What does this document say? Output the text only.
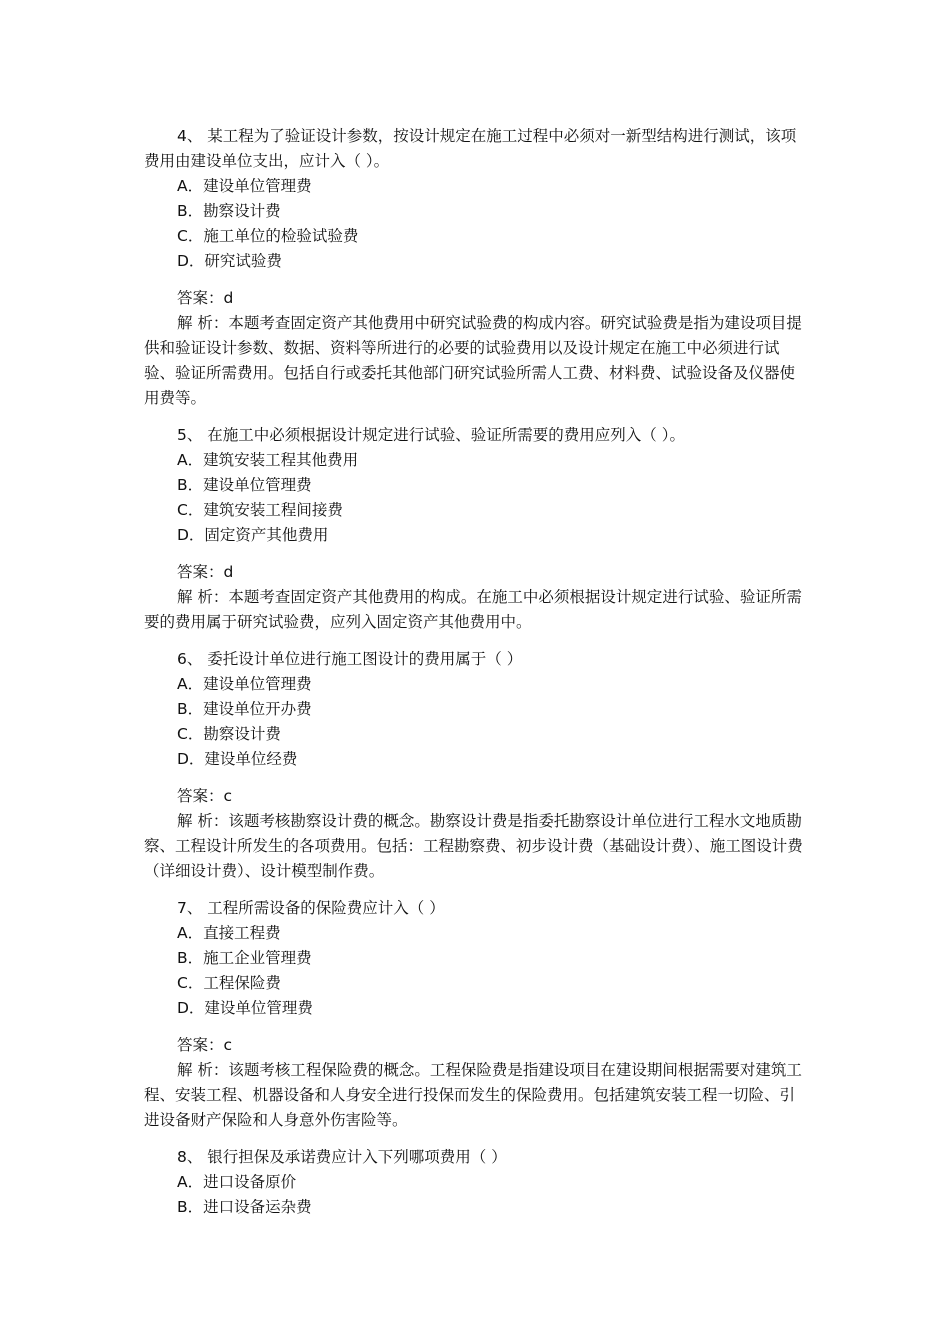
4、 某工程为了验证设计参数，按设计规定在施工过程中必须对一新型结构进行测试，该项费用由建设单位支出，应计入（ ）。

A．建设单位管理费

B．勘察设计费

C．施工单位的检验试验费

D．研究试验费

答案：d

解 析：本题考查固定资产其他费用中研究试验费的构成内容。研究试验费是指为建设项目提供和验证设计参数、数据、资料等所进行的必要的试验费用以及设计规定在施工中必须进行试验、验证所需费用。包括自行或委托其他部门研究试验所需人工费、材料费、试验设备及仪器使用费等。

5、 在施工中必须根据设计规定进行试验、验证所需要的费用应列入（ ）。

A．建筑安装工程其他费用

B．建设单位管理费

C．建筑安装工程间接费

D．固定资产其他费用

答案：d

解 析：本题考查固定资产其他费用的构成。在施工中必须根据设计规定进行试验、验证所需要的费用属于研究试验费，应列入固定资产其他费用中。

6、 委托设计单位进行施工图设计的费用属于（ ）

A．建设单位管理费

B．建设单位开办费

C．勘察设计费

D．建设单位经费

答案：c

解 析：该题考核勘察设计费的概念。勘察设计费是指委托勘察设计单位进行工程水文地质勘察、工程设计所发生的各项费用。包括：工程勘察费、初步设计费（基础设计费）、施工图设计费（详细设计费）、设计模型制作费。

7、 工程所需设备的保险费应计入（ ）

A．直接工程费

B．施工企业管理费

C．工程保险费

D．建设单位管理费

答案：c

解 析：该题考核工程保险费的概念。工程保险费是指建设项目在建设期间根据需要对建筑工程、安装工程、机器设备和人身安全进行投保而发生的保险费用。包括建筑安装工程一切险、引进设备财产保险和人身意外伤害险等。

8、 银行担保及承诺费应计入下列哪项费用（ ）

A．进口设备原价

B．进口设备运杂费
